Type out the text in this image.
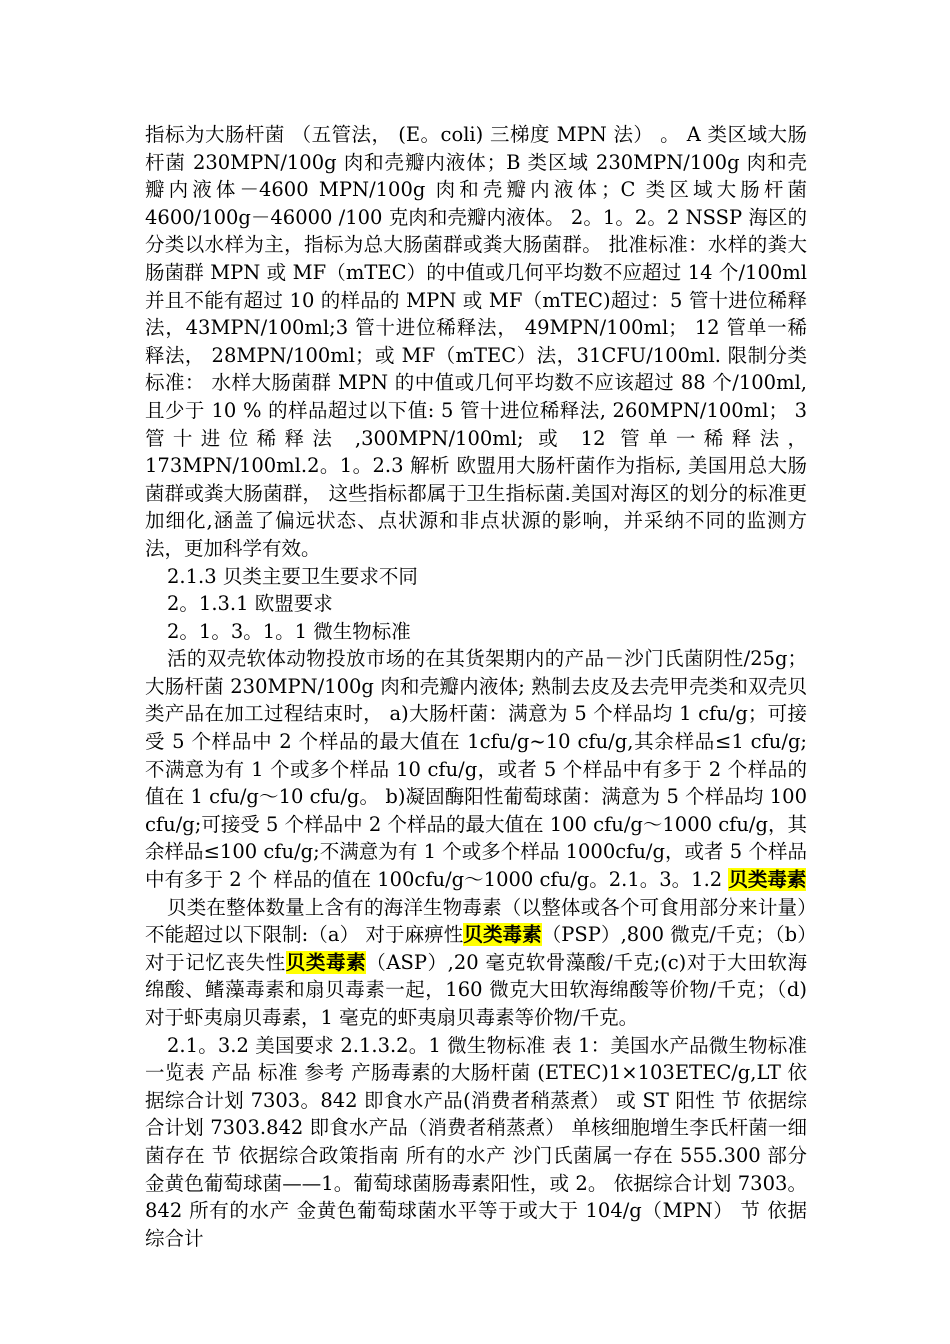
指标为大肠杆菌 （五管法， (E。coli) 三梯度 MPN 法） 。 A 类区域大肠杆菌 230MPN/100g 肉和壳瓣内液体；B 类区域 230MPN/100g 肉和壳瓣内液体－4600 MPN/100g 肉和壳瓣内液体；C 类区域大肠杆菌 4600/100g－46000 /100 克肉和壳瓣内液体。 2。1。2。2 NSSP 海区的分类以水样为主，指标为总大肠菌群或粪大肠菌群。 批准标准：水样的粪大肠菌群 MPN 或 MF（mTEC）的中值或几何平均数不应超过 14 个/100ml 并且不能有超过 10 的样品的 MPN 或 MF（mTEC)超过：5 管十进位稀释法，43MPN/100ml;3 管十进位稀释法， 49MPN/100ml； 12 管单一稀释法， 28MPN/100ml；或 MF（mTEC）法，31CFU/100ml. 限制分类标准： 水样大肠菌群 MPN 的中值或几何平均数不应该超过 88 个/100ml, 且少于 10 % 的样品超过以下值: 5 管十进位稀释法, 260MPN/100ml； 3 管十进位稀释法 ,300MPN/100ml; 或 12 管单一稀释法，173MPN/100ml.2。1。2.3 解析 欧盟用大肠杆菌作为指标, 美国用总大肠菌群或粪大肠菌群， 这些指标都属于卫生指标菌.美国对海区的划分的标准更加细化,涵盖了偏远状态、点状源和非点状源的影响，并采纳不同的监测方法，更加科学有效。

2.1.3 贝类主要卫生要求不同

2。1.3.1 欧盟要求

2。1。3。1。1 微生物标准

活的双壳软体动物投放市场的在其货架期内的产品－沙门氏菌阴性/25g；大肠杆菌 230MPN/100g 肉和壳瓣内液体; 熟制去皮及去壳甲壳类和双壳贝类产品在加工过程结束时， a)大肠杆菌：满意为 5 个样品均 1 cfu/g；可接受 5 个样品中 2 个样品的最大值在 1cfu/g~10 cfu/g,其余样品≤1 cfu/g;不满意为有 1 个或多个样品 10 cfu/g，或者 5 个样品中有多于 2 个样品的值在 1 cfu/g～10 cfu/g。 b)凝固酶阳性葡萄球菌：满意为 5 个样品均 100 cfu/g;可接受 5 个样品中 2 个样品的最大值在 100 cfu/g～1000 cfu/g，其余样品≤100 cfu/g;不满意为有 1 个或多个样品 1000cfu/g，或者 5 个样品中有多于 2 个 样品的值在 100cfu/g～1000 cfu/g。2.1。3。1.2 贝类毒素

贝类在整体数量上含有的海洋生物毒素（以整体或各个可食用部分来计量）不能超过以下限制:（a） 对于麻痹性贝类毒素（PSP）,800 微克/千克；（b）对于记忆丧失性贝类毒素（ASP）,20 毫克软骨藻酸/千克;(c)对于大田软海绵酸、鳍藻毒素和扇贝毒素一起，160 微克大田软海绵酸等价物/千克；（d)对于虾夷扇贝毒素，1 毫克的虾夷扇贝毒素等价物/千克。

2.1。3.2 美国要求 2.1.3.2。1 微生物标准 表 1：美国水产品微生物标准一览表 产品 标准 参考 产肠毒素的大肠杆菌 (ETEC)1×103ETEC/g,LT 依据综合计划 7303。842 即食水产品(消费者稍蒸煮） 或 ST 阳性 节 依据综合计划 7303.842 即食水产品（消费者稍蒸煮） 单核细胞增生李氏杆菌一细菌存在 节 依据综合政策指南 所有的水产 沙门氏菌属一存在 555.300 部分 金黄色葡萄球菌——1。葡萄球菌肠毒素阳性，或 2。 依据综合计划 7303。842 所有的水产 金黄色葡萄球菌水平等于或大于 104/g（MPN） 节 依据综合计
